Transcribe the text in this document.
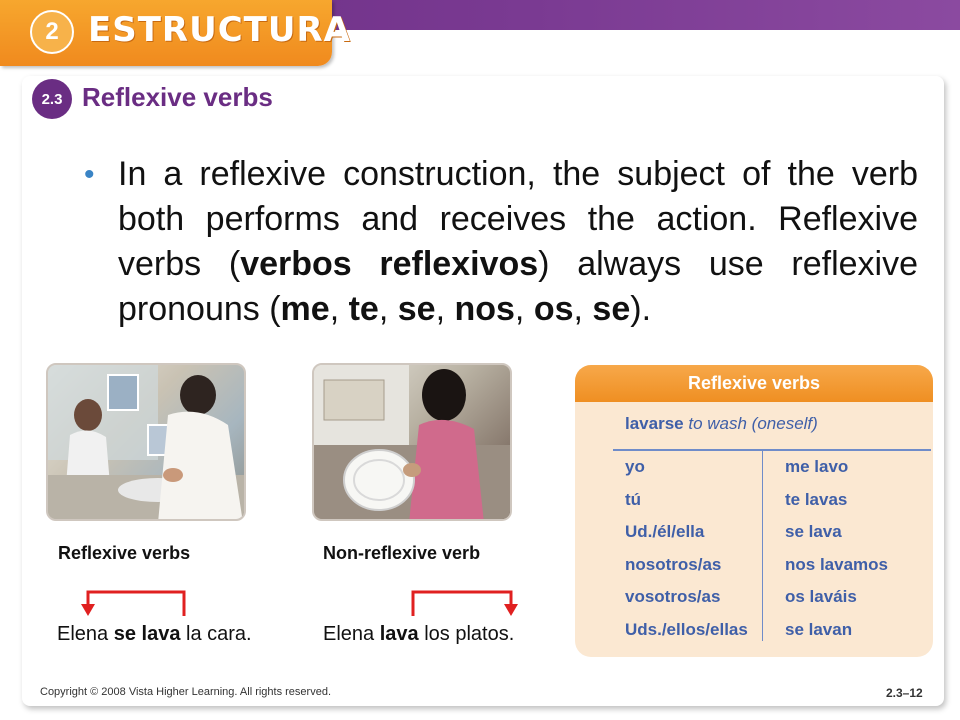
2 ESTRUCTURA
2.3 Reflexive verbs
• In a reflexive construction, the subject of the verb both performs and receives the action. Reflexive verbs (verbos reflexivos) always use reflexive pronouns (me, te, se, nos, os, se).
Reflexive verbs	Non-reflexive verb
Elena se lava la cara.	Elena lava los platos.
Reflexive verbs
lavarse to wash (oneself)
yo	me lavo
tú	te lavas
Ud./él/ella	se lava
nosotros/as	nos lavamos
vosotros/as	os laváis
Uds./ellos/ellas se lavan
Copyright © 2008 Vista Higher Learning. All rights reserved.	2.3–12
